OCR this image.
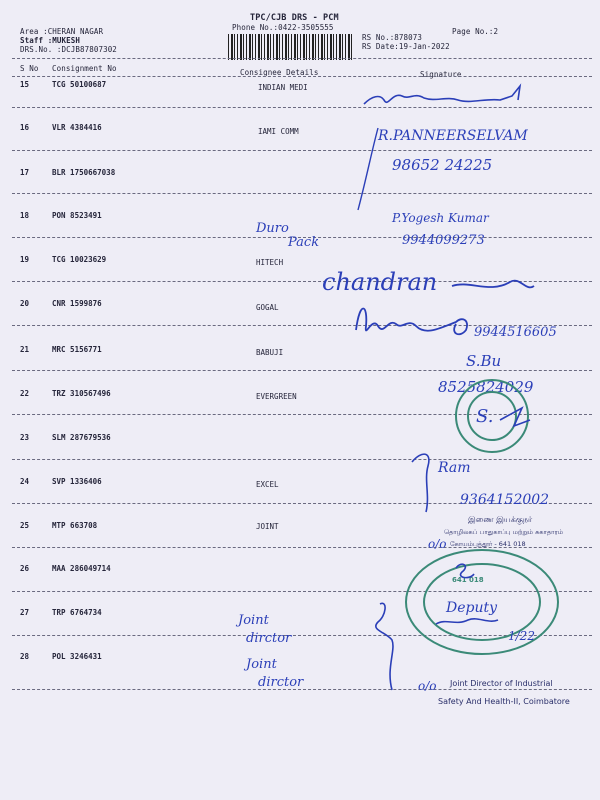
Area :CHERAN NAGAR
Staff :MUKESH
DRS.No. :DCJB87807302
TPC/CJB DRS - PCM
Phone No.:0422-3505555	Page No.:2
RS No.:878073
RS Date:19-Jan-2022
S No Consignment No	Consignee Details	Signature
15	TCG 50100687	INDIAN MEDI
16	VLR 4384416	IAMI COMM
17	BLR 1750667038
18	PON 8523491
19	TCG 10023629	HITECH
20	CNR 1599876	GOGAL
21	MRC 5156771	BABUJI
22	TRZ 310567496	EVERGREEN
23	SLM 287679536
24	SVP 1336406	EXCEL
25	MTP 663708	JOINT
26	MAA 286049714
27	TRP 6764734
28	POL 3246431
R.PANNEERSELVAM
98652 24225
Duro
Pack
P.Yogesh Kumar
9944099273
chandran
9944516605
S.Bu
8525824029
S.
Ram
9364152002
இணை இயக்குநர்
தொழிலகப் பாதுகாப்பு மற்றும் சுகாதாரம்
கோயம்புத்தூர் - 641 018
641 018
o/o
Deputy
1/22
Joint
dirctor
Joint
dirctor	o/o Joint Director of Industrial
Safety And Health-II, Coimbatore
